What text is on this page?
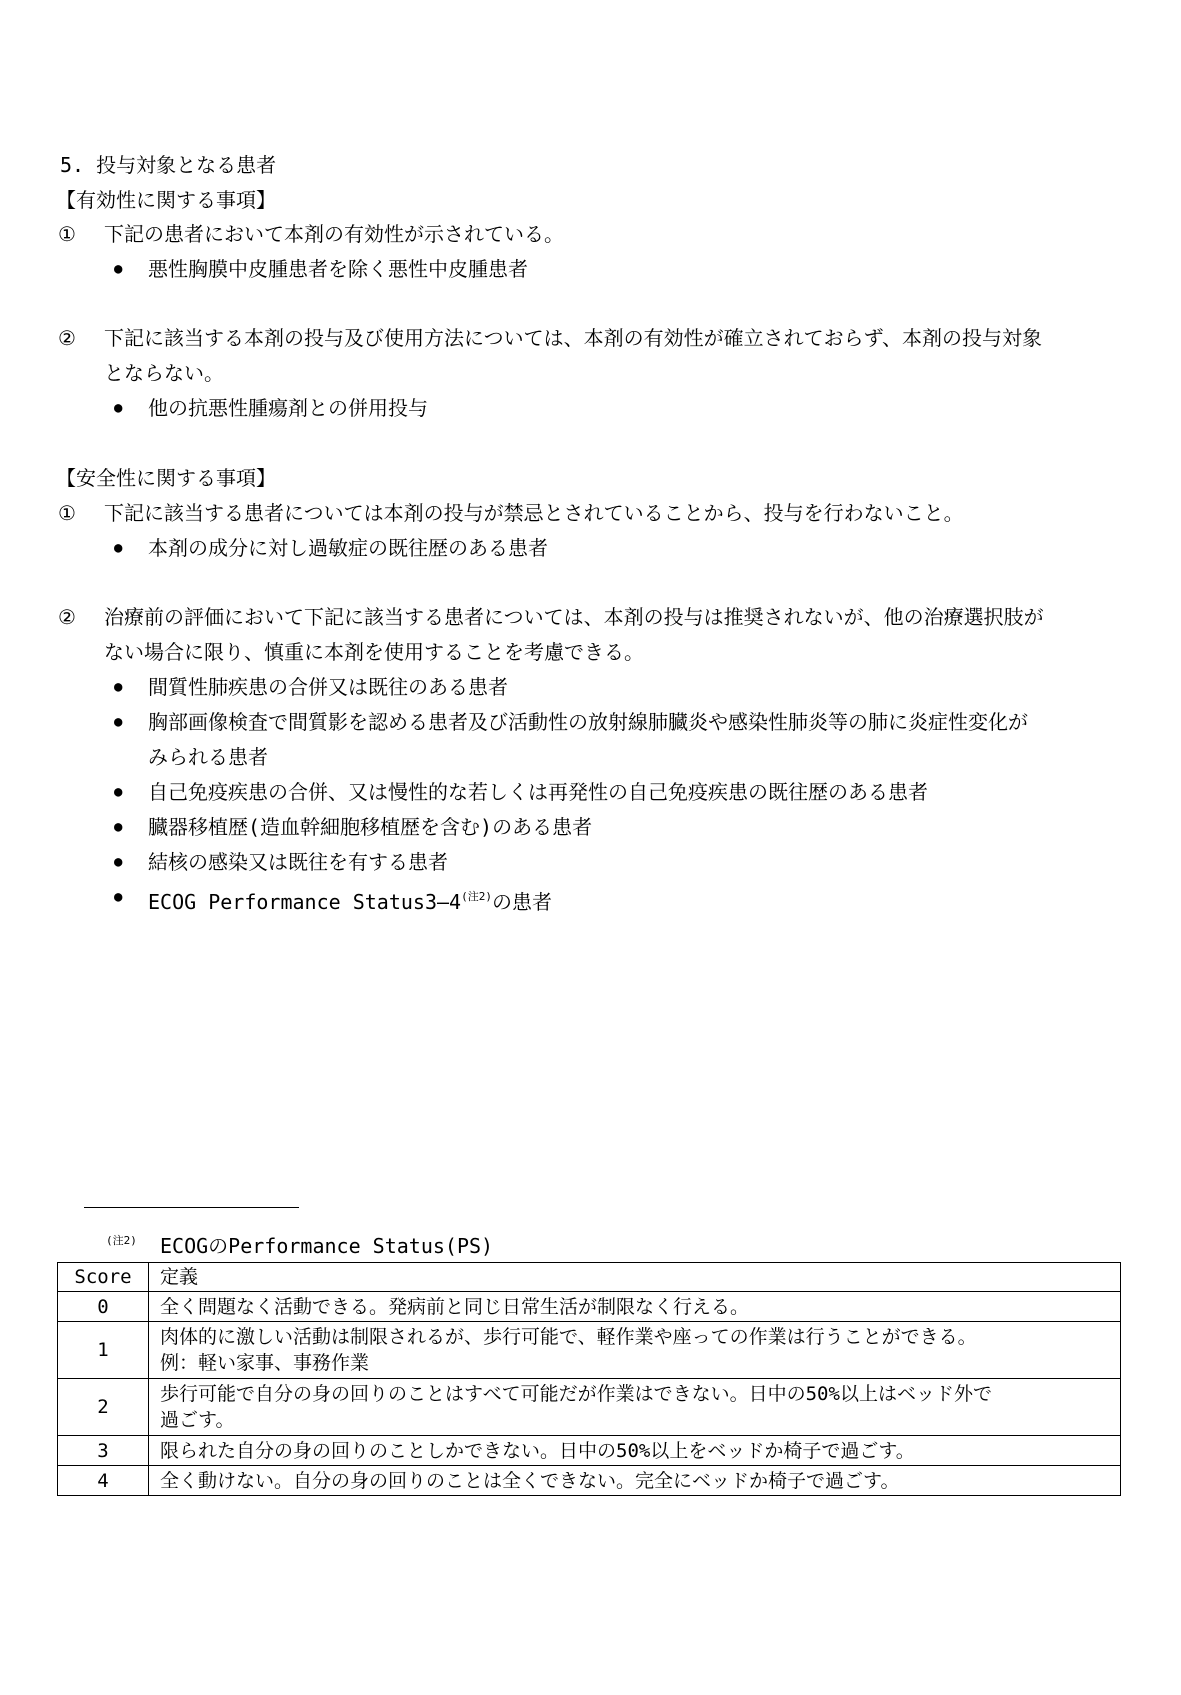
5. 投与対象となる患者
【有効性に関する事項】
① 下記の患者において本剤の有効性が示されている。
● 悪性胸膜中皮腫患者を除く悪性中皮腫患者
② 下記に該当する本剤の投与及び使用方法については、本剤の有効性が確立されておらず、本剤の投与対象
とならない。
● 他の抗悪性腫瘍剤との併用投与
【安全性に関する事項】
① 下記に該当する患者については本剤の投与が禁忌とされていることから、投与を行わないこと。
● 本剤の成分に対し過敏症の既往歴のある患者
② 治療前の評価において下記に該当する患者については、本剤の投与は推奨されないが、他の治療選択肢が
ない場合に限り、慎重に本剤を使用することを考慮できる。
● 間質性肺疾患の合併又は既往のある患者
● 胸部画像検査で間質影を認める患者及び活動性の放射線肺臓炎や感染性肺炎等の肺に炎症性変化が
みられる患者
● 自己免疫疾患の合併、又は慢性的な若しくは再発性の自己免疫疾患の既往歴のある患者
● 臓器移植歴(造血幹細胞移植歴を含む)のある患者
● 結核の感染又は既往を有する患者
● ECOG Performance $Status3—4^{(注2)}$の患者
(注2) ECOGのPerformance Status(PS)
Score	定義
0	全く問題なく活動できる。発病前と同じ日常生活が制限なく行える。
1	肉体的に激しい活動は制限されるが、歩行可能で、軽作業や座っての作業は行うことができる。
例：軽い家事、事務作業

2	歩行可能で自分の身の回りのことはすべて可能だが作業はできない。日中の50%以上はベッド外で
過ごす。

3	限られた自分の身の回りのことしかできない。日中の50%以上をベッドか椅子で過ごす。
4	全く動けない。自分の身の回りのことは全くできない。完全にベッドか椅子で過ごす。
